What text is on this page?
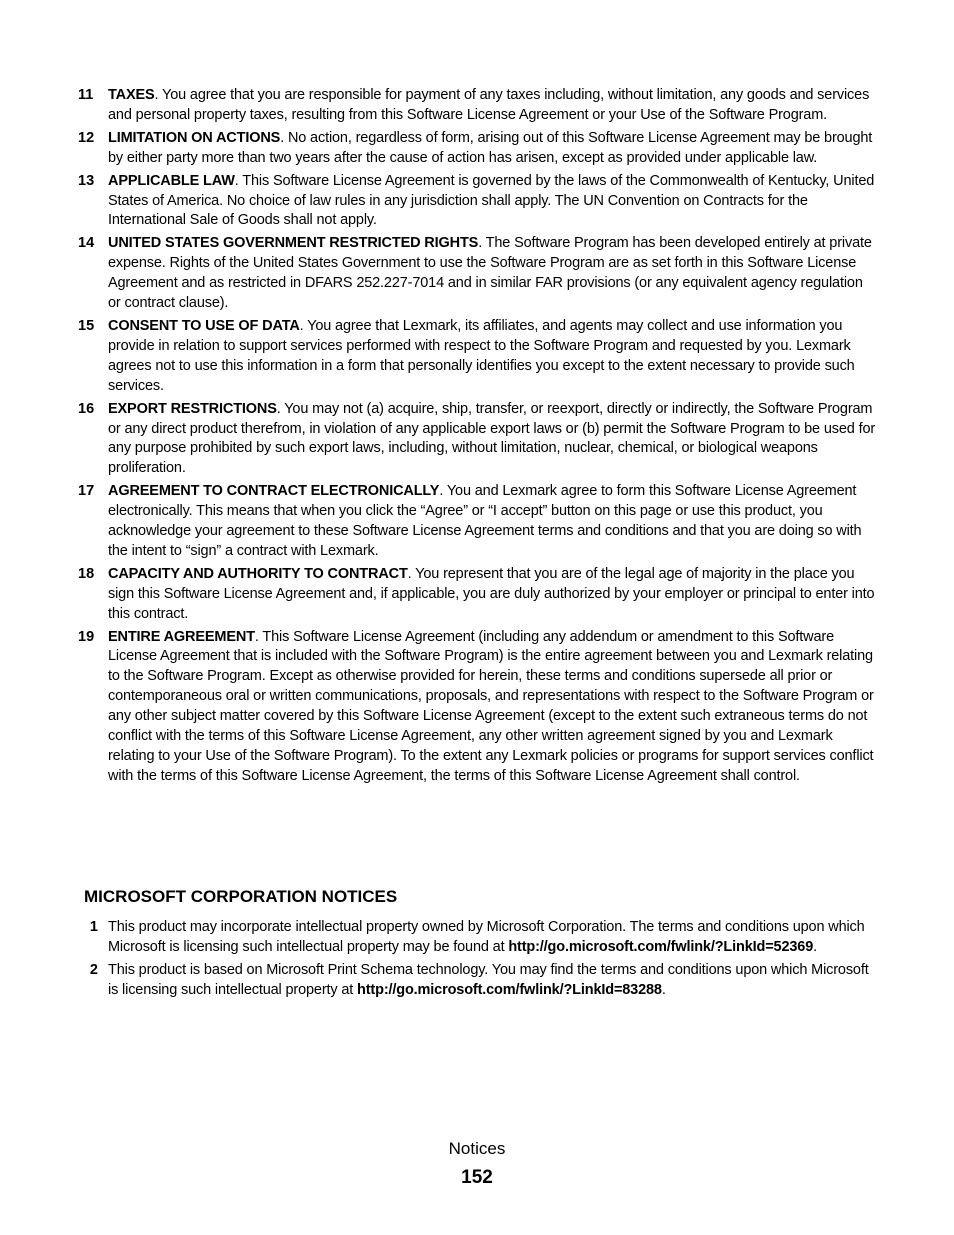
11	TAXES. You agree that you are responsible for payment of any taxes including, without limitation, any goods and services and personal property taxes, resulting from this Software License Agreement or your Use of the Software Program.
12 LIMITATION ON ACTIONS. No action, regardless of form, arising out of this Software License Agreement may be brought by either party more than two years after the cause of action has arisen, except as provided under applicable law.
13 APPLICABLE LAW. This Software License Agreement is governed by the laws of the Commonwealth of Kentucky, United States of America. No choice of law rules in any jurisdiction shall apply. The UN Convention on Contracts for the International Sale of Goods shall not apply.
14 UNITED STATES GOVERNMENT RESTRICTED RIGHTS. The Software Program has been developed entirely at private expense. Rights of the United States Government to use the Software Program are as set forth in this Software License Agreement and as restricted in DFARS 252.227-7014 and in similar FAR provisions (or any equivalent agency regulation or contract clause).
15 CONSENT TO USE OF DATA. You agree that Lexmark, its affiliates, and agents may collect and use information you provide in relation to support services performed with respect to the Software Program and requested by you. Lexmark agrees not to use this information in a form that personally identifies you except to the extent necessary to provide such services.
16 EXPORT RESTRICTIONS. You may not (a) acquire, ship, transfer, or reexport, directly or indirectly, the Software Program or any direct product therefrom, in violation of any applicable export laws or (b) permit the Software Program to be used for any purpose prohibited by such export laws, including, without limitation, nuclear, chemical, or biological weapons proliferation.
17 AGREEMENT TO CONTRACT ELECTRONICALLY. You and Lexmark agree to form this Software License Agreement electronically. This means that when you click the “Agree” or “I accept” button on this page or use this product, you acknowledge your agreement to these Software License Agreement terms and conditions and that you are doing so with the intent to “sign” a contract with Lexmark.
18 CAPACITY AND AUTHORITY TO CONTRACT. You represent that you are of the legal age of majority in the place you sign this Software License Agreement and, if applicable, you are duly authorized by your employer or principal to enter into this contract.
19 ENTIRE AGREEMENT. This Software License Agreement (including any addendum or amendment to this Software License Agreement that is included with the Software Program) is the entire agreement between you and Lexmark relating to the Software Program. Except as otherwise provided for herein, these terms and conditions supersede all prior or contemporaneous oral or written communications, proposals, and representations with respect to the Software Program or any other subject matter covered by this Software License Agreement (except to the extent such extraneous terms do not conflict with the terms of this Software License Agreement, any other written agreement signed by you and Lexmark relating to your Use of the Software Program). To the extent any Lexmark policies or programs for support services conflict with the terms of this Software License Agreement, the terms of this Software License Agreement shall control.
MICROSOFT CORPORATION NOTICES
1 This product may incorporate intellectual property owned by Microsoft Corporation. The terms and conditions upon which Microsoft is licensing such intellectual property may be found at http://go.microsoft.com/fwlink/?LinkId=52369.
2 This product is based on Microsoft Print Schema technology. You may find the terms and conditions upon which Microsoft is licensing such intellectual property at http://go.microsoft.com/fwlink/?LinkId=83288.
Notices
152
